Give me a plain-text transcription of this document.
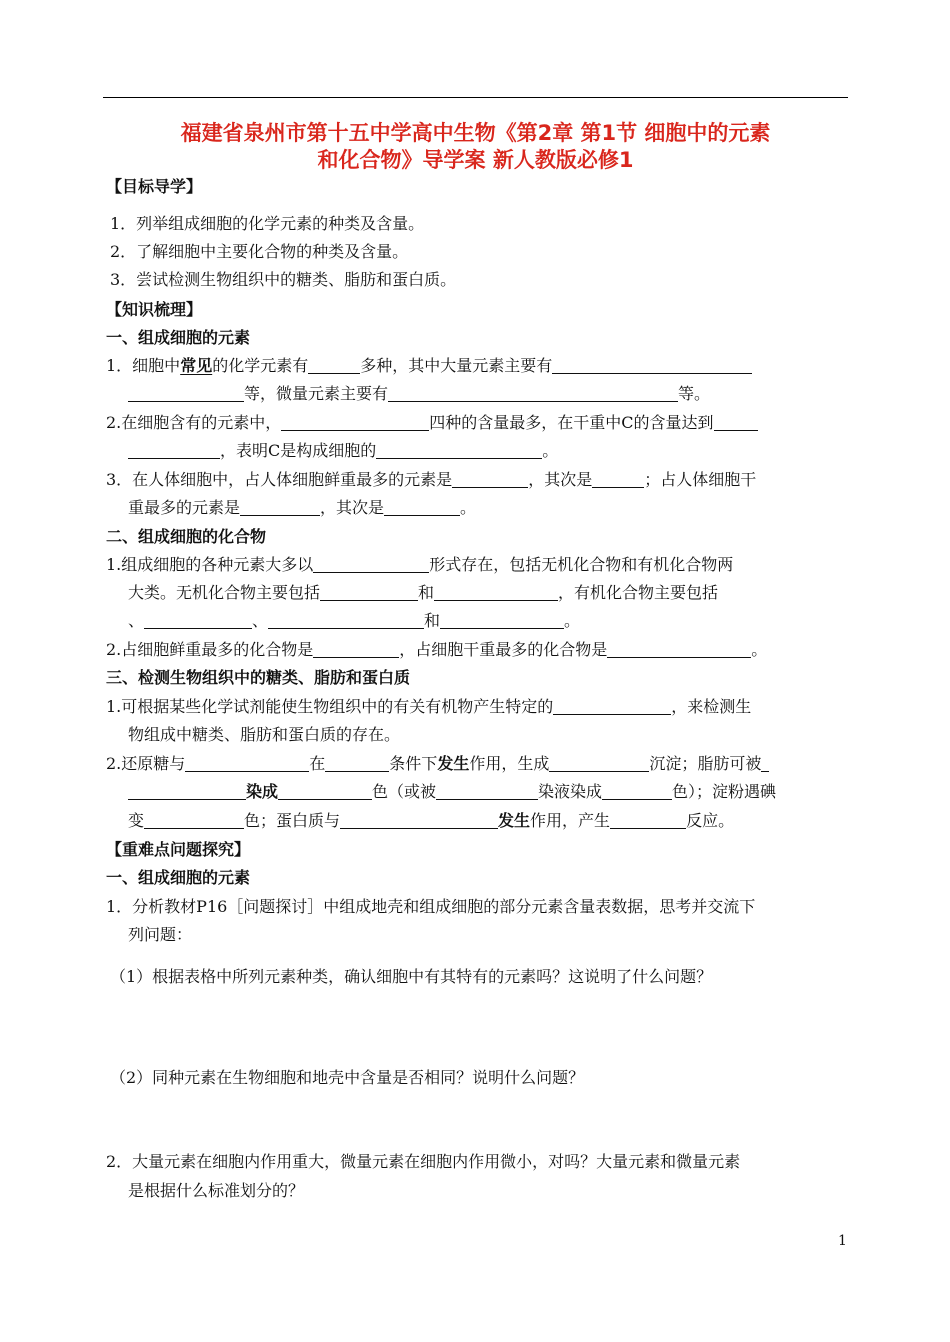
福建省泉州市第十五中学高中生物《第2章 第1节 细胞中的元素
和化合物》导学案 新人教版必修1
【目标导学】
1．列举组成细胞的化学元素的种类及含量。
2．了解细胞中主要化合物的种类及含量。
3．尝试检测生物组织中的糖类、脂肪和蛋白质。
【知识梳理】
一、组成细胞的元素
1．细胞中常见的化学元素有	多种，其中大量元素主要有
等，微量元素主要有	等。
2.在细胞含有的元素中，	四种的含量最多，在干重中C的含量达到
，表明C是构成细胞的	。
3．在人体细胞中，占人体细胞鲜重最多的元素是	，其次是	；占人体细胞干
重最多的元素是	，其次是	。
二、组成细胞的化合物
1.组成细胞的各种元素大多以	形式存在，包括无机化合物和有机化合物两
大类。无机化合物主要包括	和	，有机化合物主要包括
、	、	和	。
2.占细胞鲜重最多的化合物是	，占细胞干重最多的化合物是	。
三、检测生物组织中的糖类、脂肪和蛋白质
1.可根据某些化学试剂能使生物组织中的有关有机物产生特定的	，来检测生
物组成中糖类、脂肪和蛋白质的存在。
2.还原糖与	在	条件下发生作用，生成	沉淀；脂肪可被
染成	色（或被	染液染成	色）；淀粉遇碘
变	色；蛋白质与	发生作用，产生	反应。
【重难点问题探究】
一、组成细胞的元素
1．分析教材P16［问题探讨］中组成地壳和组成细胞的部分元素含量表数据，思考并交流下
列问题：
（1）根据表格中所列元素种类，确认细胞中有其特有的元素吗？这说明了什么问题？
（2）同种元素在生物细胞和地壳中含量是否相同？说明什么问题？
2．大量元素在细胞内作用重大，微量元素在细胞内作用微小，对吗？大量元素和微量元素
是根据什么标准划分的？
1
